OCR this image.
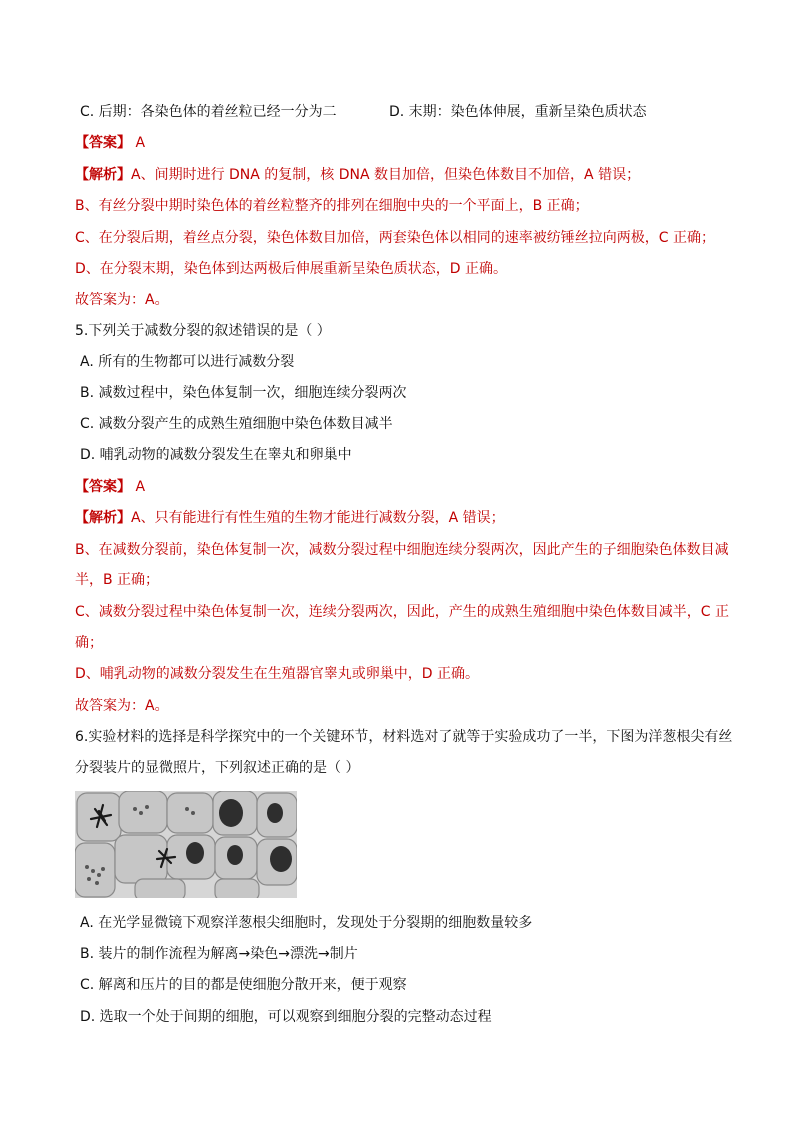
C. 后期：各染色体的着丝粒已经一分为二	D. 末期：染色体伸展，重新呈染色质状态
【答案】 A
【解析】A、间期时进行 DNA 的复制，核 DNA 数目加倍，但染色体数目不加倍，A 错误；
B、有丝分裂中期时染色体的着丝粒整齐的排列在细胞中央的一个平面上，B 正确；
C、在分裂后期，着丝点分裂，染色体数目加倍，两套染色体以相同的速率被纺锤丝拉向两极，C 正确；
D、在分裂末期，染色体到达两极后伸展重新呈染色质状态，D 正确。
故答案为：A。
5.下列关于减数分裂的叙述错误的是（ ）
A. 所有的生物都可以进行减数分裂
B. 减数过程中，染色体复制一次，细胞连续分裂两次
C. 减数分裂产生的成熟生殖细胞中染色体数目减半
D. 哺乳动物的减数分裂发生在睾丸和卵巢中
【答案】 A
【解析】A、只有能进行有性生殖的生物才能进行减数分裂，A 错误；
B、在减数分裂前，染色体复制一次，减数分裂过程中细胞连续分裂两次，因此产生的子细胞染色体数目减
半，B 正确；
C、减数分裂过程中染色体复制一次，连续分裂两次，因此，产生的成熟生殖细胞中染色体数目减半，C 正
确；
D、哺乳动物的减数分裂发生在生殖器官睾丸或卵巢中，D 正确。
故答案为：A。
6.实验材料的选择是科学探究中的一个关键环节，材料选对了就等于实验成功了一半，下图为洋葱根尖有丝
分裂装片的显微照片，下列叙述正确的是（ ）
A. 在光学显微镜下观察洋葱根尖细胞时，发现处于分裂期的细胞数量较多
B. 装片的制作流程为解离→染色→漂洗→制片
C. 解离和压片的目的都是使细胞分散开来，便于观察
D. 选取一个处于间期的细胞，可以观察到细胞分裂的完整动态过程
